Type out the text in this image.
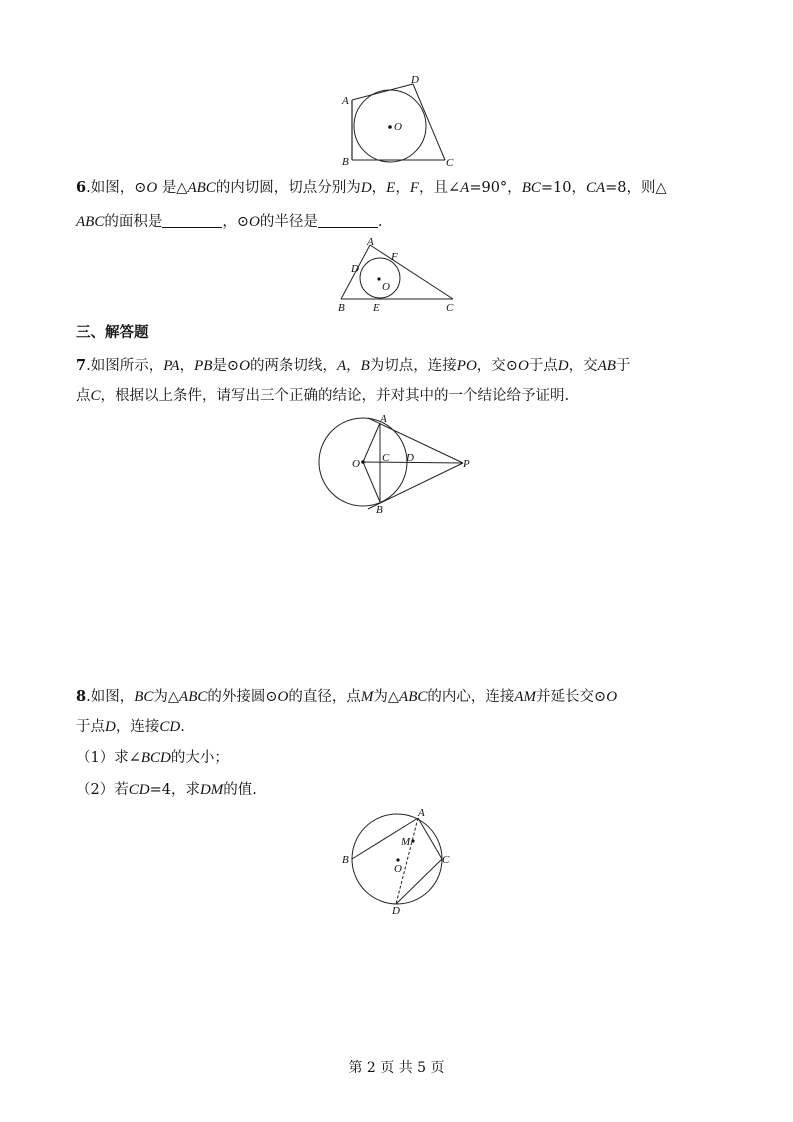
A
B	C
D
O
6.如图，⊙O 是△ABC的内切圆，切点分别为D，E，F，且∠A=90°，BC=10，CA=8，则△
ABC的面积是	，⊙O的半径是	.
A
B	C
D
E
F
O
三、解答题
7.如图所示，PA，PB是⊙O的两条切线，A，B为切点，连接PO，交⊙O于点D，交AB于
点C，根据以上条件，请写出三个正确的结论，并对其中的一个结论给予证明.
A
B
C D
O	P
8.如图，BC为△ABC的外接圆⊙O的直径，点M为△ABC的内心，连接AM并延长交⊙O
于点D，连接CD.
（1）求∠BCD的大小；
（2）若CD=4，求DM的值.
A
B	C
D
M
O
第 2 页 共 5 页
